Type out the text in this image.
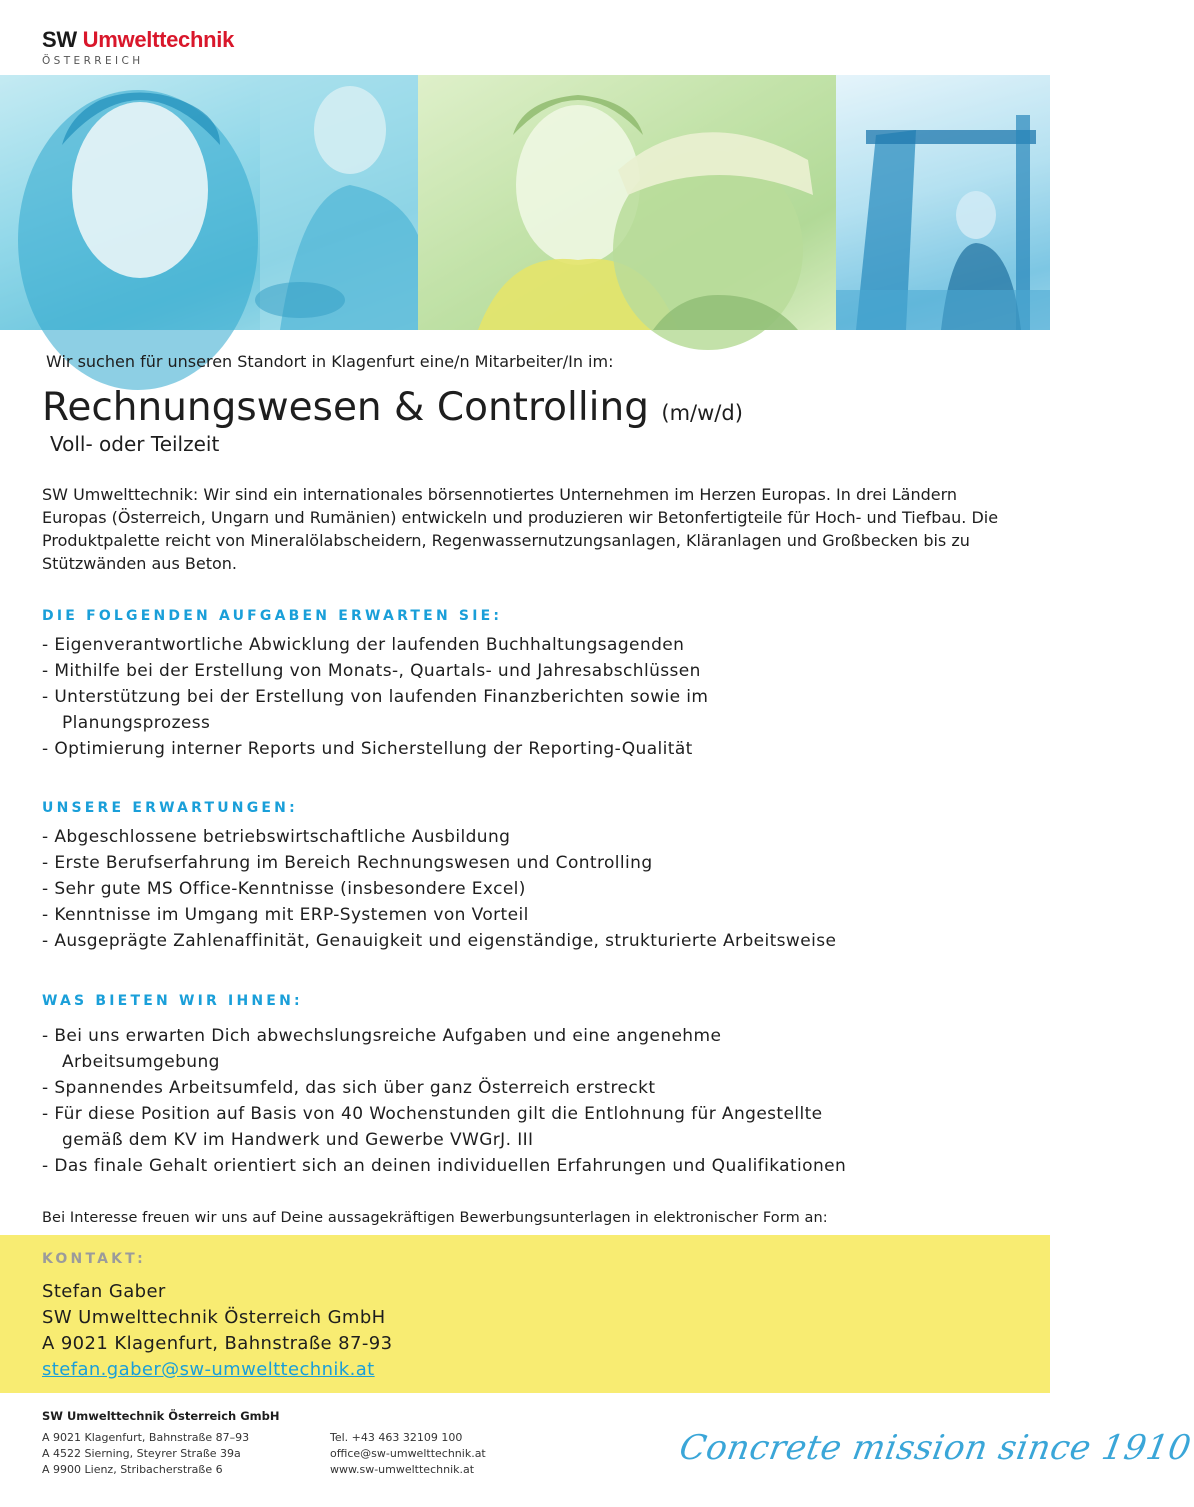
SW Umwelttechnik
ÖSTERREICH
Wir suchen für unseren Standort in Klagenfurt eine/n Mitarbeiter/In im:
Rechnungswesen & Controlling (m/w/d)
Voll- oder Teilzeit
SW Umwelttechnik: Wir sind ein internationales börsennotiertes Unternehmen im Herzen Europas. In drei Ländern Europas (Österreich, Ungarn und Rumänien) entwickeln und produzieren wir Betonfertigteile für Hoch- und Tiefbau. Die Produktpalette reicht von Mineralölabscheidern, Regenwassernutzungsanlagen, Kläranlagen und Großbecken bis zu Stützwänden aus Beton.
DIE FOLGENDEN AUFGABEN ERWARTEN SIE:
- Eigenverantwortliche Abwicklung der laufenden Buchhaltungsagenden
- Mithilfe bei der Erstellung von Monats-, Quartals- und Jahresabschlüssen
- Unterstützung bei der Erstellung von laufenden Finanzberichten sowie im
Planungsprozess
- Optimierung interner Reports und Sicherstellung der Reporting-Qualität
UNSERE ERWARTUNGEN:
- Abgeschlossene betriebswirtschaftliche Ausbildung
- Erste Berufserfahrung im Bereich Rechnungswesen und Controlling
- Sehr gute MS Office-Kenntnisse (insbesondere Excel)
- Kenntnisse im Umgang mit ERP-Systemen von Vorteil
- Ausgeprägte Zahlenaffinität, Genauigkeit und eigenständige, strukturierte Arbeitsweise
WAS BIETEN WIR IHNEN:
- Bei uns erwarten Dich abwechslungsreiche Aufgaben und eine angenehme
Arbeitsumgebung
- Spannendes Arbeitsumfeld, das sich über ganz Österreich erstreckt
- Für diese Position auf Basis von 40 Wochenstunden gilt die Entlohnung für Angestellte
gemäß dem KV im Handwerk und Gewerbe VWGrJ. III
- Das finale Gehalt orientiert sich an deinen individuellen Erfahrungen und Qualifikationen
Bei Interesse freuen wir uns auf Deine aussagekräftigen Bewerbungsunterlagen in elektronischer Form an:
KONTAKT:
Stefan Gaber
SW Umwelttechnik Österreich GmbH
A 9021 Klagenfurt, Bahnstraße 87-93
stefan.gaber@sw-umwelttechnik.at
SW Umwelttechnik Österreich GmbH
A 9021 Klagenfurt, Bahnstraße 87–93
A 4522 Sierning, Steyrer Straße 39a
A 9900 Lienz, Stribacherstraße 6
Tel. +43 463 32109 100
office@sw-umwelttechnik.at
www.sw-umwelttechnik.at
Concrete mission since 1910
